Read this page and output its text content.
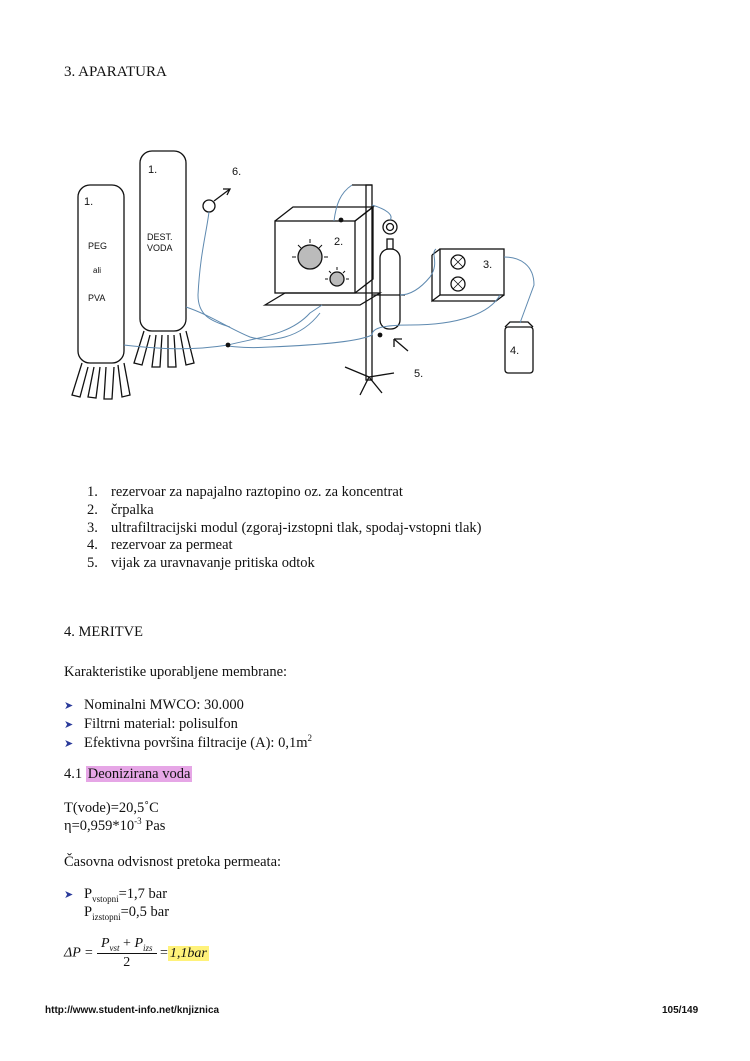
3. APARATURA
1.
PEG
ali
PVA
1.
DEST.
VODA
6.
2.
3.
4.
5.
1. rezervoar za napajalno raztopino oz. za koncentrat
2. črpalka
3. ultrafiltracijski modul (zgoraj-izstopni tlak, spodaj-vstopni tlak)
4. rezervoar za permeat
5. vijak za uravnavanje pritiska odtok
4. MERITVE
Karakteristike uporabljene membrane:
➤ Nominalni MWCO: 30.000
➤ Filtrni material: polisulfon
➤ Efektivna površina filtracije (A): $0,1m^2$
4.1 Deonizirana voda
T(vode)=20,5˚C
$\eta=0,959*10^{-3}$ Pas
Časovna odvisnost pretoka permeata:
➤ $P_{vstopni}=1,7$ bar
$P_{izstopni}=0,5$ bar
$\Delta P = \frac{P_{vst} + P_{izs}}{2} = 1,1bar$
http://www.student-info.net/knjiznica	105/149
